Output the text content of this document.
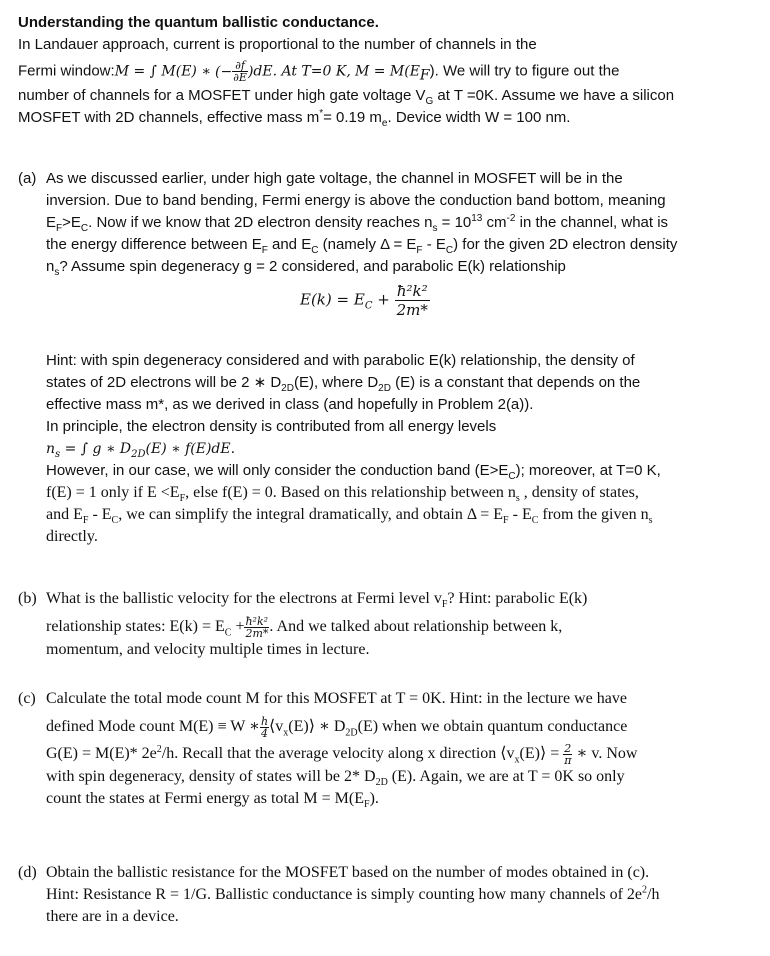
Understanding the quantum ballistic conductance.

In Landauer approach, current is proportional to the number of channels in the

Fermi window:M = ∫ M(E) ∗ (− $\frac{\partial f}{\partial E} )dE$. At T=0 K, $M = M(E_F)$. We will try to figure out the

number of channels for a MOSFET under high gate voltage $V_G$ at T =0K. Assume we have a silicon

MOSFET with 2D channels, effective mass m*= 0.19 $m_e$. Device width W = 100 nm.

(a) As we discussed earlier, under high gate voltage, the channel in MOSFET will be in the

inversion. Due to band bending, Fermi energy is above the conduction band bottom, meaning

$E_F>E_C$. Now if we know that 2D electron density reaches $n_s = 10^{13}$ $cm^{-2}$ in the channel, what is

the energy difference between $E_F$ and $E_C$ (namely $\Delta = E_F - E_C$) for the given 2D electron density

$n_s$? Assume spin degeneracy g = 2 considered, and parabolic E(k) relationship

$E(k) = E_C + \frac{\text{ħ²k²}}{2m*}$

Hint: with spin degeneracy considered and with parabolic E(k) relationship, the density of

states of 2D electrons will be 2 ∗ $D_{2D}(E)$, where $D_{2D}$ (E) is a constant that depends on the

effective mass m*, as we derived in class (and hopefully in Problem 2(a)).

In principle, the electron density is contributed from all energy levels

$n_s$ = ∫ g ∗ $D_{2D}(E)$ ∗ f(E)dE.

However, in our case, we will only consider the conduction band $(E>E_C)$; moreover, at T=0 K,

f(E) = 1 only if $E <E_F$, else f(E) = 0. Based on this relationship between $n_s$ , density of states,

and $E_F - E_C$, we can simplify the integral dramatically, and obtain $\Delta = E_F - E_C$ from the given $n_s$

directly.

(b) What is the ballistic velocity for the electrons at Fermi level $v_F$? Hint: parabolic E(k)

relationship states: $E(k) = E_C + \frac{\text{ħ²k²}}{2m*}$ . And we talked about relationship between k,

momentum, and velocity multiple times in lecture.

(c) Calculate the total mode count M for this MOSFET at T = 0K. Hint: in the lecture we have

defined Mode count M(E) ≡ W ∗ $\frac{h}{4}$ $⟨v_x(E)⟩$ ∗ $D_{2D}(E)$ when we obtain quantum conductance

G(E) = M(E)* $2e^2/h$. Recall that the average velocity along x direction $⟨v_x(E)⟩ = \frac{2}{\pi}$ ∗ v. Now

with spin degeneracy, density of states will be 2* $D_{2D}$ (E). Again, we are at T = 0K so only

count the states at Fermi energy as total $M = M(E_F)$.

(d) Obtain the ballistic resistance for the MOSFET based on the number of modes obtained in (c).

Hint: Resistance R = 1/G. Ballistic conductance is simply counting how many channels of $2e^2/h$

there are in a device.
